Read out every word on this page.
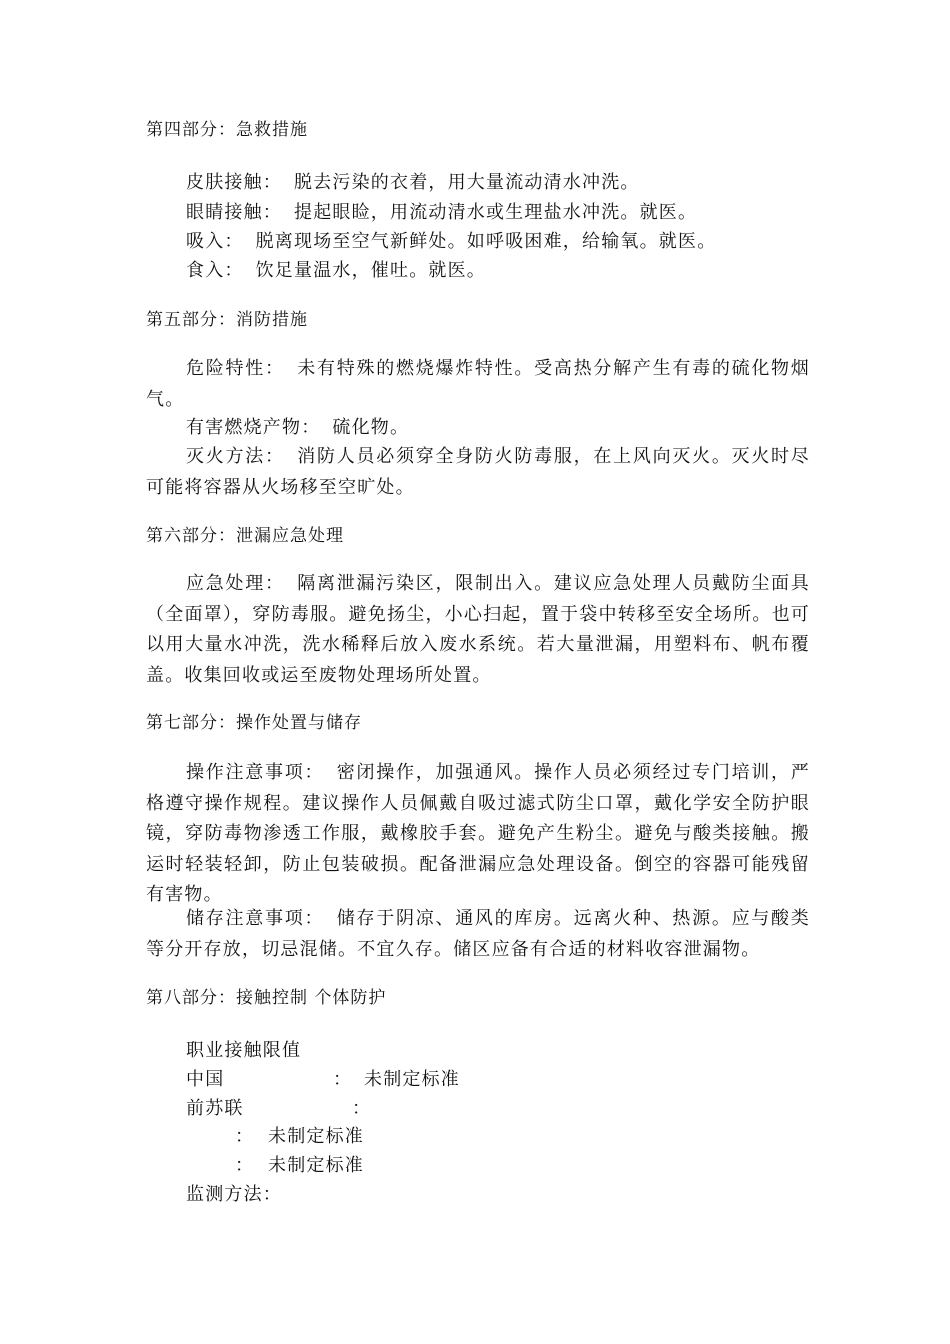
第四部分：急救措施
皮肤接触： 脱去污染的衣着，用大量流动清水冲洗。
眼睛接触： 提起眼睑，用流动清水或生理盐水冲洗。就医。
吸入： 脱离现场至空气新鲜处。如呼吸困难，给输氧。就医。
食入： 饮足量温水，催吐。就医。
第五部分：消防措施

危险特性： 未有特殊的燃烧爆炸特性。受高热分解产生有毒的硫化物烟气。

有害燃烧产物： 硫化物。

灭火方法： 消防人员必须穿全身防火防毒服，在上风向灭火。灭火时尽可能将容器从火场移至空旷处。

第六部分：泄漏应急处理

应急处理： 隔离泄漏污染区，限制出入。建议应急处理人员戴防尘面具（全面罩），穿防毒服。避免扬尘，小心扫起，置于袋中转移至安全场所。也可以用大量水冲洗，洗水稀释后放入废水系统。若大量泄漏，用塑料布、帆布覆盖。收集回收或运至废物处理场所处置。

第七部分：操作处置与储存

操作注意事项： 密闭操作，加强通风。操作人员必须经过专门培训，严格遵守操作规程。建议操作人员佩戴自吸过滤式防尘口罩，戴化学安全防护眼镜，穿防毒物渗透工作服，戴橡胶手套。避免产生粉尘。避免与酸类接触。搬运时轻装轻卸，防止包装破损。配备泄漏应急处理设备。倒空的容器可能残留有害物。

储存注意事项： 储存于阴凉、通风的库房。远离火种、热源。应与酸类等分开存放，切忌混储。不宜久存。储区应备有合适的材料收容泄漏物。

第八部分：接触控制 个体防护
职业接触限值
中国	： 未制定标准
前苏联	：
： 未制定标准
： 未制定标准
监测方法：
